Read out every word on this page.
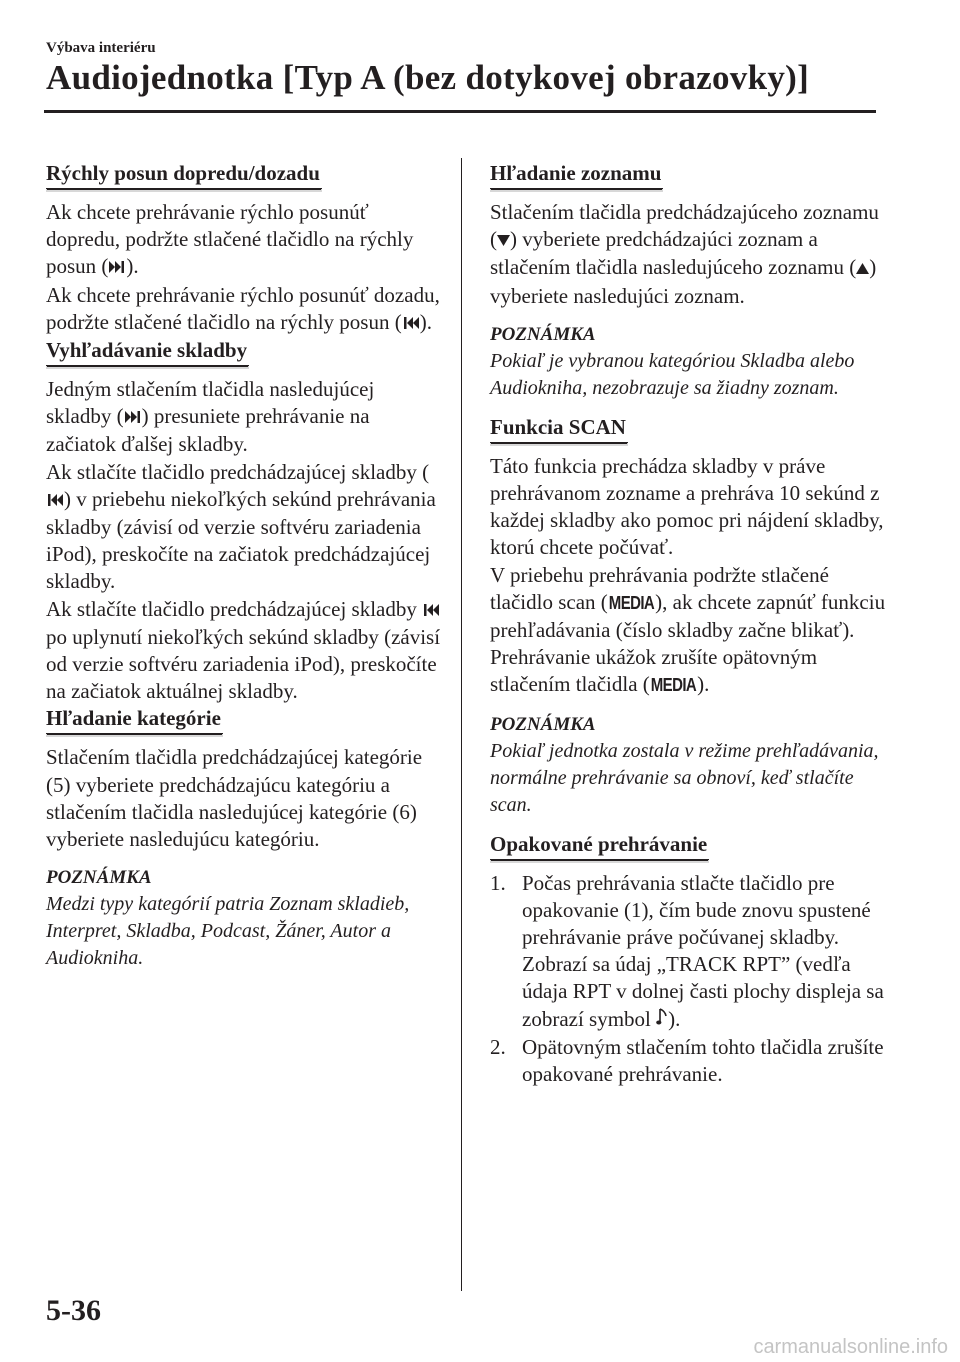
Výbava interiéru
Audiojednotka [Typ A (bez dotykovej obrazovky)]
Rýchly posun dopredu/dozadu

Ak chcete prehrávanie rýchlo posunúť dopredu, podržte stlačené tlačidlo na rýchly posun ( ).
Ak chcete prehrávanie rýchlo posunúť dozadu, podržte stlačené tlačidlo na rýchly posun ( ).

Vyhľadávanie skladby

Jedným stlačením tlačidla nasledujúcej skladby ( ) presuniete prehrávanie na začiatok ďalšej skladby.
Ak stlačíte tlačidlo predchádzajúcej skladby () v priebehu niekoľkých sekúnd prehrávania skladby (závisí od verzie softvéru zariadenia iPod), preskočíte na začiatok predchádzajúcej skladby.
Ak stlačíte tlačidlo predchádzajúcej skladby  po uplynutí niekoľkých sekúnd skladby (závisí od verzie softvéru zariadenia iPod), preskočíte na začiatok aktuálnej skladby.

Hľadanie kategórie

Stlačením tlačidla predchádzajúcej kategórie (5) vyberiete predchádzajúcu kategóriu a stlačením tlačidla nasledujúcej kategórie (6) vyberiete nasledujúcu kategóriu.

POZNÁMKA

Medzi typy kategórií patria Zoznam skladieb, Interpret, Skladba, Podcast, Žáner, Autor a Audiokniha.

Hľadanie zoznamu

Stlačením tlačidla predchádzajúceho zoznamu ( ) vyberiete predchádzajúci zoznam a stlačením tlačidla nasledujúceho zoznamu ( ) vyberiete nasledujúci zoznam.

POZNÁMKA

Pokiaľ je vybranou kategóriou Skladba alebo Audiokniha, nezobrazuje sa žiadny zoznam.

Funkcia SCAN

Táto funkcia prechádza skladby v práve prehrávanom zozname a prehráva 10 sekúnd z každej skladby ako pomoc pri nájdení skladby, ktorú chcete počúvať.
V priebehu prehrávania podržte stlačené tlačidlo scan (MEDIA), ak chcete zapnúť funkciu prehľadávania (číslo skladby začne blikať). Prehrávanie ukážok zrušíte opätovným stlačením tlačidla (MEDIA).

POZNÁMKA

Pokiaľ jednotka zostala v režime prehľadávania, normálne prehrávanie sa obnoví, keď stlačíte scan.

Opakované prehrávanie
1. Počas prehrávania stlačte tlačidlo pre opakovanie (1), čím bude znovu spustené prehrávanie práve počúvanej skladby. Zobrazí sa údaj „TRACK RPT” (vedľa údaja RPT v dolnej časti plochy displeja sa zobrazí symbol ).
2. Opätovným stlačením tohto tlačidla zrušíte opakované prehrávanie.
5-36
carmanualsonline.info
